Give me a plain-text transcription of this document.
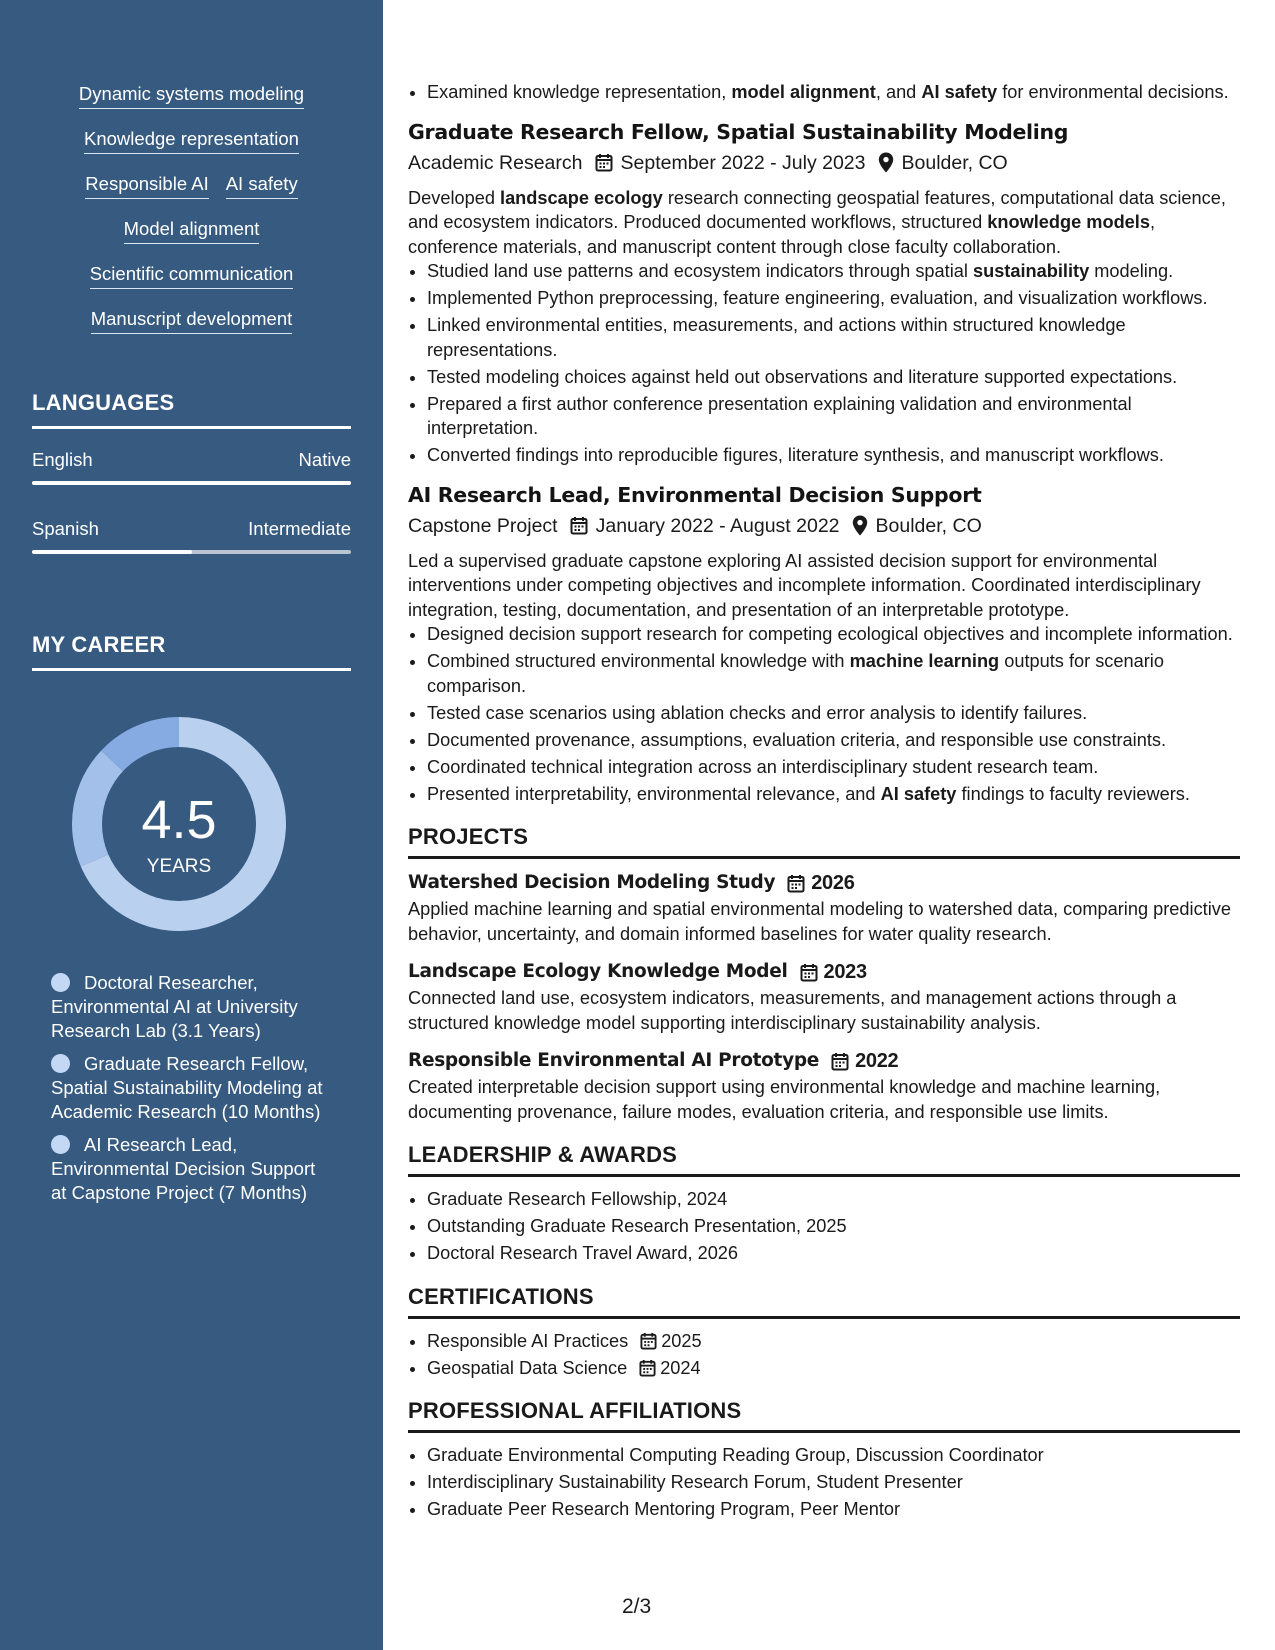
Dynamic systems modeling
Knowledge representation
Responsible AI AI safety
Model alignment
Scientific communication
Manuscript development
LANGUAGES
English	Native
Spanish	Intermediate
MY CAREER
4.5
YEARS
Doctoral Researcher, Environmental AI at University Research Lab (3.1 Years)
Graduate Research Fellow, Spatial Sustainability Modeling at Academic Research (10 Months)
AI Research Lead, Environmental Decision Support at Capstone Project (7 Months)
• Examined knowledge representation, model alignment, and AI safety for environmental decisions.
Graduate Research Fellow, Spatial Sustainability Modeling
Academic Research September 2022 - July 2023 Boulder, CO

Developed landscape ecology research connecting geospatial features, computational data science, and ecosystem indicators. Produced documented workflows, structured knowledge models, conference materials, and manuscript content through close faculty collaboration.

• Studied land use patterns and ecosystem indicators through spatial sustainability modeling.
• Implemented Python preprocessing, feature engineering, evaluation, and visualization workflows.
• Linked environmental entities, measurements, and actions within structured knowledge representations.
• Tested modeling choices against held out observations and literature supported expectations.
• Prepared a first author conference presentation explaining validation and environmental interpretation.
• Converted findings into reproducible figures, literature synthesis, and manuscript workflows.
AI Research Lead, Environmental Decision Support
Capstone Project January 2022 - August 2022 Boulder, CO

Led a supervised graduate capstone exploring AI assisted decision support for environmental interventions under competing objectives and incomplete information. Coordinated interdisciplinary integration, testing, documentation, and presentation of an interpretable prototype.

• Designed decision support research for competing ecological objectives and incomplete information.
• Combined structured environmental knowledge with machine learning outputs for scenario comparison.
• Tested case scenarios using ablation checks and error analysis to identify failures.
• Documented provenance, assumptions, evaluation criteria, and responsible use constraints.
• Coordinated technical integration across an interdisciplinary student research team.
• Presented interpretability, environmental relevance, and AI safety findings to faculty reviewers.
PROJECTS
Watershed Decision Modeling Study 2026

Applied machine learning and spatial environmental modeling to watershed data, comparing predictive behavior, uncertainty, and domain informed baselines for water quality research.

Landscape Ecology Knowledge Model 2023

Connected land use, ecosystem indicators, measurements, and management actions through a structured knowledge model supporting interdisciplinary sustainability analysis.

Responsible Environmental AI Prototype 2022

Created interpretable decision support using environmental knowledge and machine learning, documenting provenance, failure modes, evaluation criteria, and responsible use limits.

LEADERSHIP & AWARDS
• Graduate Research Fellowship, 2024
• Outstanding Graduate Research Presentation, 2025
• Doctoral Research Travel Award, 2026
CERTIFICATIONS
• Responsible AI Practices 2025
• Geospatial Data Science 2024
PROFESSIONAL AFFILIATIONS
• Graduate Environmental Computing Reading Group, Discussion Coordinator
• Interdisciplinary Sustainability Research Forum, Student Presenter
• Graduate Peer Research Mentoring Program, Peer Mentor
2/3
